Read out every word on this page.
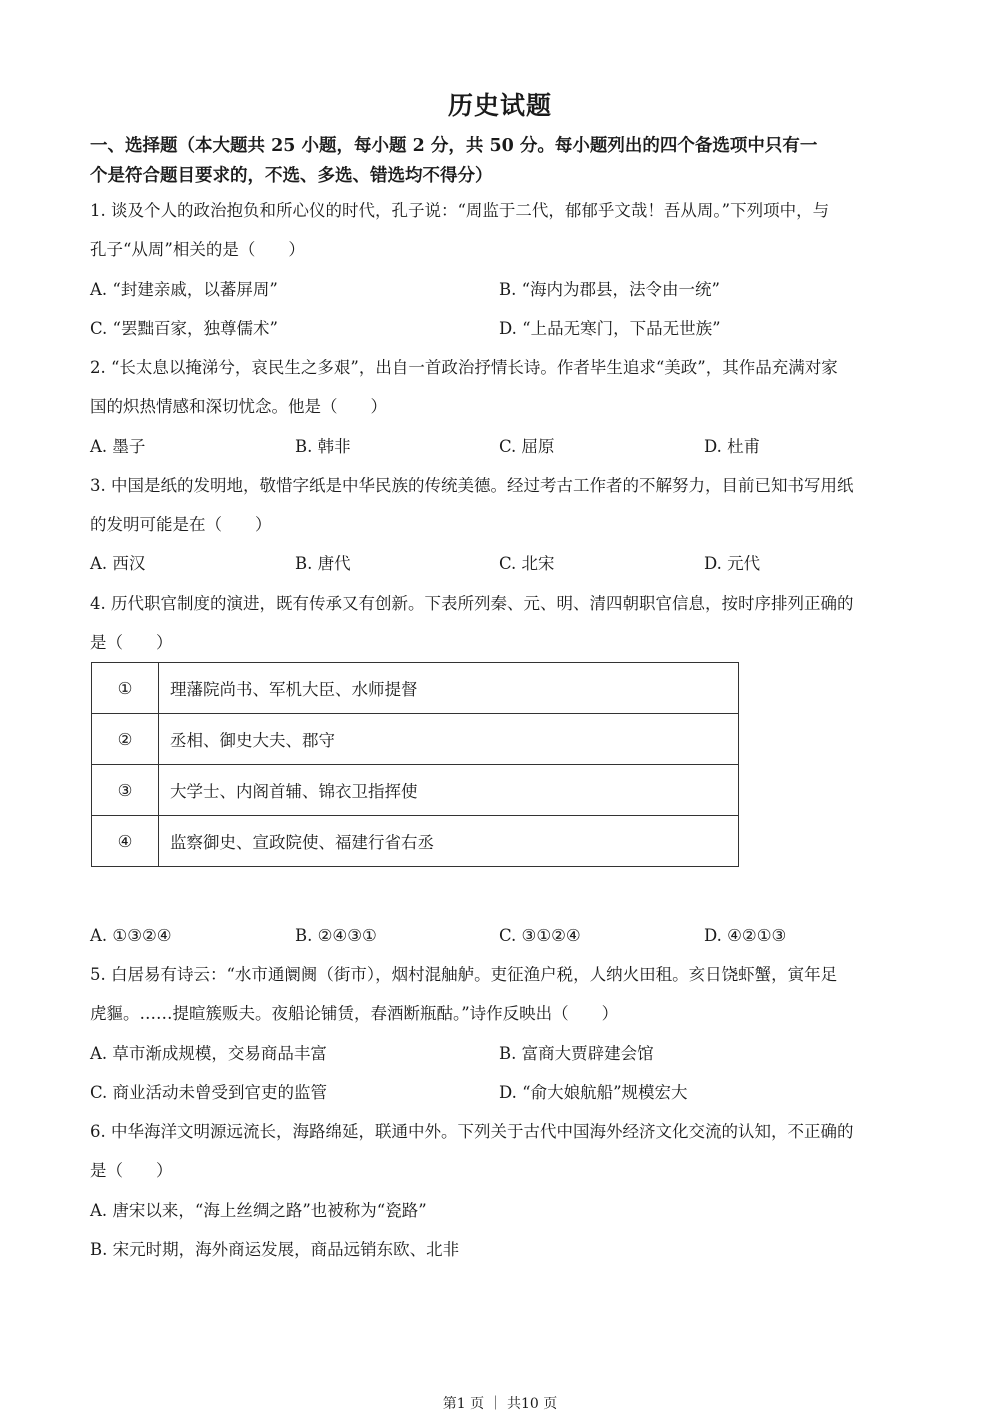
历史试题
一、选择题（本大题共 25 小题，每小题 2 分，共 50 分。每小题列出的四个备选项中只有一
个是符合题目要求的，不选、多选、错选均不得分）
1. 谈及个人的政治抱负和所心仪的时代，孔子说：“周监于二代，郁郁乎文哉！吾从周。”下列项中，与
孔子“从周”相关的是（　　）
A. “封建亲戚，以蕃屏周”	B. “海内为郡县，法令由一统”
C. “罢黜百家，独尊儒术”	D. “上品无寒门，下品无世族”
2. “长太息以掩涕兮，哀民生之多艰”，出自一首政治抒情长诗。作者毕生追求“美政”，其作品充满对家
国的炽热情感和深切忧念。他是（　　）
A. 墨子	B. 韩非	C. 屈原	D. 杜甫
3. 中国是纸的发明地，敬惜字纸是中华民族的传统美德。经过考古工作者的不解努力，目前已知书写用纸
的发明可能是在（　　）
A. 西汉	B. 唐代	C. 北宋	D. 元代
4. 历代职官制度的演进，既有传承又有创新。下表所列秦、元、明、清四朝职官信息，按时序排列正确的
是（　　）
①	理藩院尚书、军机大臣、水师提督
②	丞相、御史大夫、郡守
③	大学士、内阁首辅、锦衣卫指挥使
④	监察御史、宣政院使、福建行省右丞
A. ①③②④	B. ②④③①	C. ③①②④	D. ④②①③
5. 白居易有诗云：“水市通阛阓（街市），烟村混舳舻。吏征渔户税，人纳火田租。亥日饶虾蟹，寅年足
虎貙。……提暄簇贩夫。夜船论铺赁，春酒断瓶酤。”诗作反映出（　　）
A. 草市渐成规模，交易商品丰富	B. 富商大贾辟建会馆
C. 商业活动未曾受到官吏的监管	D. “俞大娘航船”规模宏大
6. 中华海洋文明源远流长，海路绵延，联通中外。下列关于古代中国海外经济文化交流的认知，不正确的
是（　　）
A. 唐宋以来，“海上丝绸之路”也被称为“瓷路”
B. 宋元时期，海外商运发展，商品远销东欧、北非
第1 页 ｜ 共10 页
